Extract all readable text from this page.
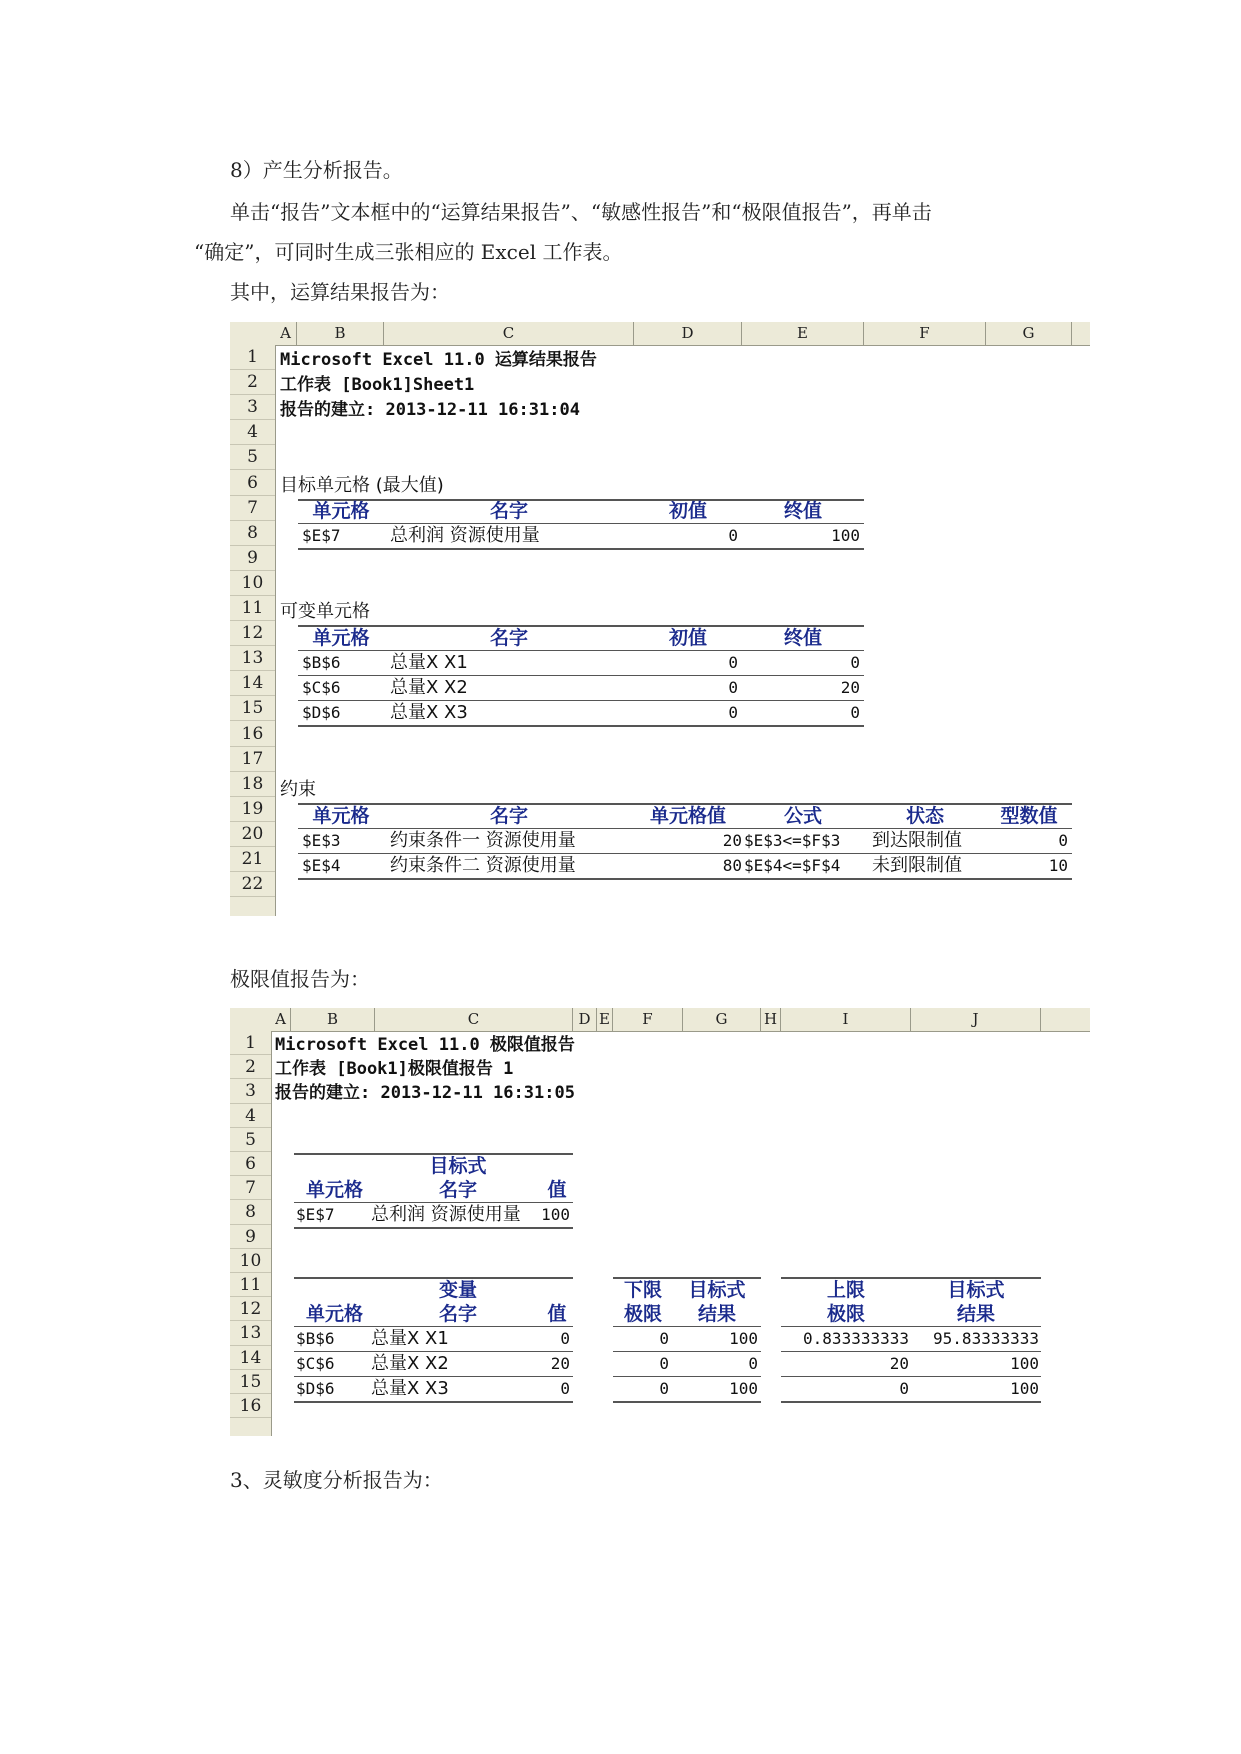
8）产生分析报告。
单击“报告”文本框中的“运算结果报告”、“敏感性报告”和“极限值报告”，再单击
“确定”，可同时生成三张相应的 Excel 工作表。
其中，运算结果报告为：
A	B	C	D	E	F	G
1
2
3
4
5
6
7
8
9
10
11
12
13
14
15
16
17
18
19
20
21
22
Microsoft Excel 11.0 运算结果报告
工作表 [Book1]Sheet1
报告的建立: 2013-12-11 16:31:04
目标单元格 (最大值)
单元格	名字	初值	终值
$E$7	总利润 资源使用量	0	100
可变单元格
单元格	名字	初值	终值
$B$6	总量X X1	0	0
$C$6	总量X X2	0	20
$D$6	总量X X3	0	0
约束
单元格	名字	单元格值	公式	状态	型数值
$E$3	约束条件一 资源使用量	20 $E$3<=$F$3 到达限制值	0
$E$4	约束条件二 资源使用量	80 $E$4<=$F$4 未到限制值	10
极限值报告为：
A	B	C	D E	F	G	H	I	J
1
2
3
4
5
6
7
8
9
10
11
12
13
14
15
16
Microsoft Excel 11.0 极限值报告
工作表 [Book1]极限值报告 1
报告的建立: 2013-12-11 16:31:05
目标式
单元格	名字	值
$E$7 总利润 资源使用量	100
变量	下限	目标式	上限	目标式
单元格	名字	值	极限	结果	极限	结果
$B$6 总量X X1	0	0	100	0.833333333	95.83333333
$C$6 总量X X2	20	0	0	20	100
$D$6 总量X X3	0	0	100	0	100
3、灵敏度分析报告为：
